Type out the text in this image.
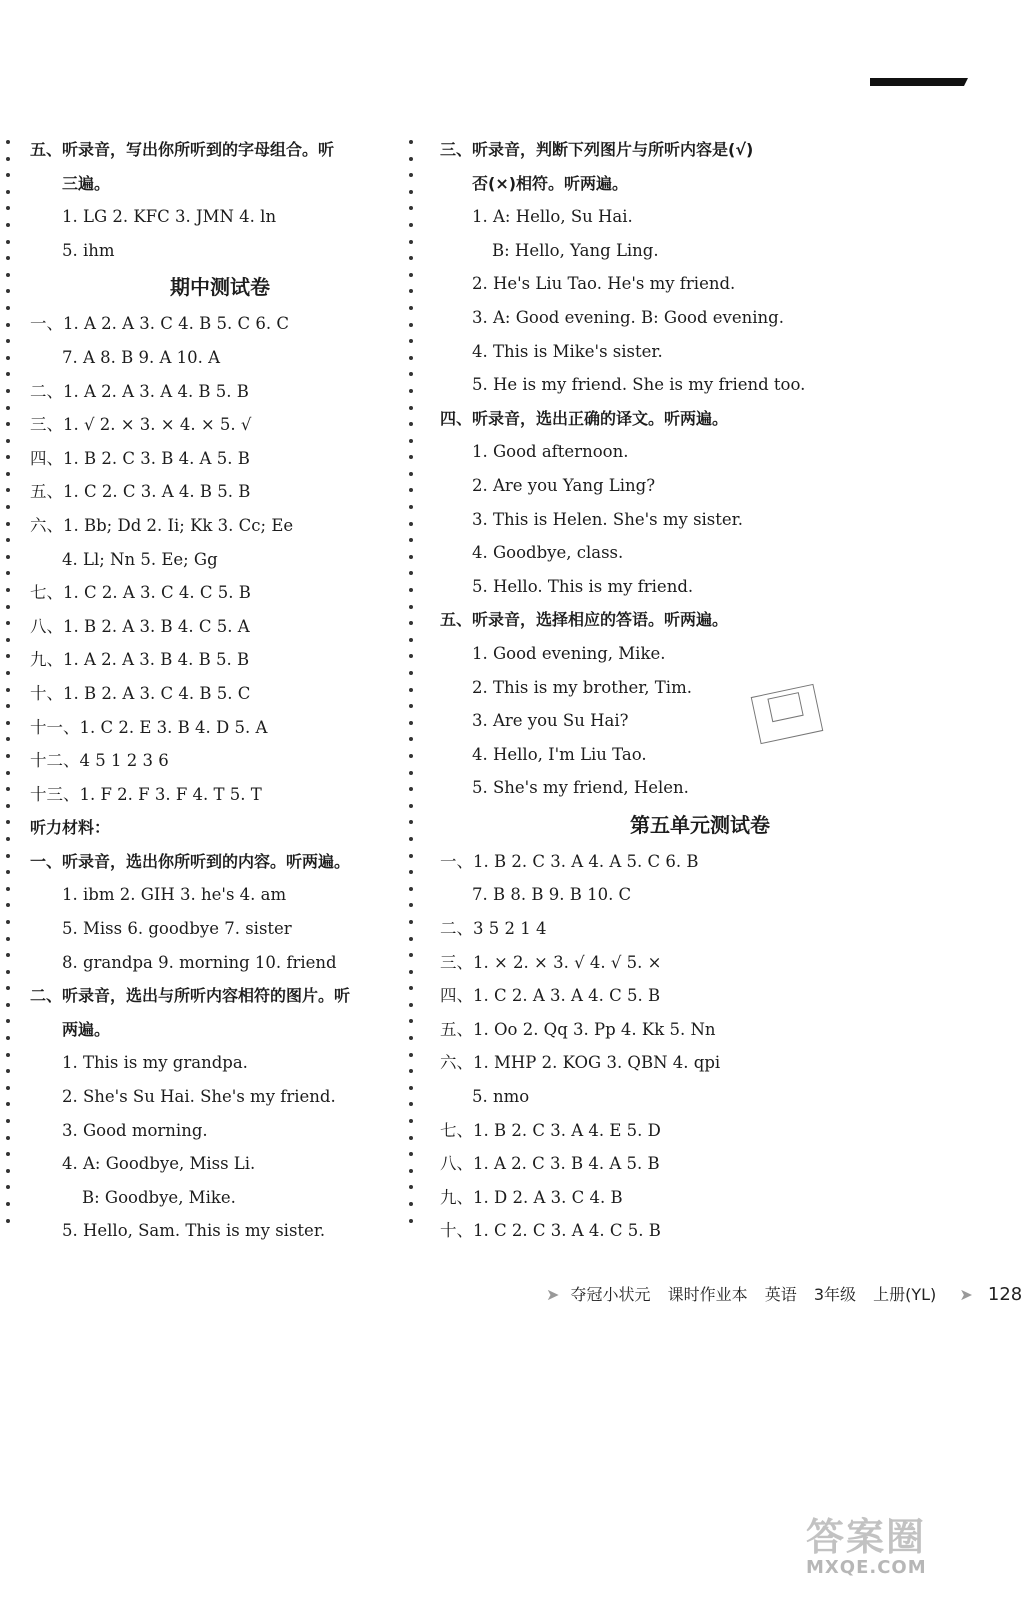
五、听录音，写出你所听到的字母组合。听
三遍。
1. LG 2. KFC 3. JMN 4. ln
5. ihm
期中测试卷
一、1. A 2. A 3. C 4. B 5. C 6. C
7. A 8. B 9. A 10. A
二、1. A 2. A 3. A 4. B 5. B
三、1. √ 2. × 3. × 4. × 5. √
四、1. B 2. C 3. B 4. A 5. B
五、1. C 2. C 3. A 4. B 5. B
六、1. Bb; Dd 2. Ii; Kk 3. Cc; Ee
4. Ll; Nn 5. Ee; Gg
七、1. C 2. A 3. C 4. C 5. B
八、1. B 2. A 3. B 4. C 5. A
九、1. A 2. A 3. B 4. B 5. B
十、1. B 2. A 3. C 4. B 5. C
十一、1. C 2. E 3. B 4. D 5. A
十二、4 5 1 2 3 6
十三、1. F 2. F 3. F 4. T 5. T
听力材料：
一、听录音，选出你所听到的内容。听两遍。
1. ibm 2. GIH 3. he's 4. am
5. Miss 6. goodbye 7. sister
8. grandpa 9. morning 10. friend
二、听录音，选出与所听内容相符的图片。听
两遍。
1. This is my grandpa.
2. She's Su Hai. She's my friend.
3. Good morning.
4. A: Goodbye, Miss Li.
B: Goodbye, Mike.
5. Hello, Sam. This is my sister.
三、听录音，判断下列图片与所听内容是(√)
否(×)相符。听两遍。
1. A: Hello, Su Hai.
B: Hello, Yang Ling.
2. He's Liu Tao. He's my friend.
3. A: Good evening. B: Good evening.
4. This is Mike's sister.
5. He is my friend. She is my friend too.
四、听录音，选出正确的译文。听两遍。
1. Good afternoon.
2. Are you Yang Ling?
3. This is Helen. She's my sister.
4. Goodbye, class.
5. Hello. This is my friend.
五、听录音，选择相应的答语。听两遍。
1. Good evening, Mike.
2. This is my brother, Tim.
3. Are you Su Hai?
4. Hello, I'm Liu Tao.
5. She's my friend, Helen.
第五单元测试卷
一、1. B 2. C 3. A 4. A 5. C 6. B
7. B 8. B 9. B 10. C
二、3 5 2 1 4
三、1. × 2. × 3. √ 4. √ 5. ×
四、1. C 2. A 3. A 4. C 5. B
五、1. Oo 2. Qq 3. Pp 4. Kk 5. Nn
六、1. MHP 2. KOG 3. QBN 4. qpi
5. nmo
七、1. B 2. C 3. A 4. E 5. D
八、1. A 2. C 3. B 4. A 5. B
九、1. D 2. A 3. C 4. B
十、1. C 2. C 3. A 4. C 5. B
➤ 夺冠小状元 课时作业本 英语 3年级 上册(YL) ➤ 128
答案圈
MXQE.COM
